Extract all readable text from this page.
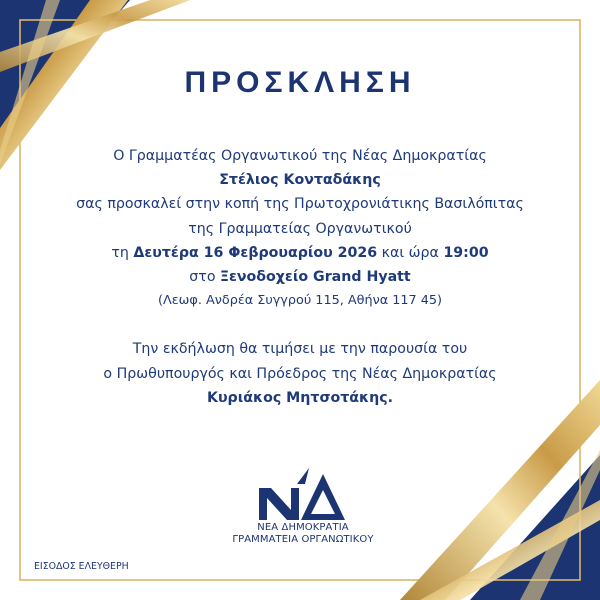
ΠΡΟΣΚΛΗΣΗ
Ο Γραμματέας Οργανωτικού της Νέας Δημοκρατίας
Στέλιος Κονταδάκης
σας προσκαλεί στην κοπή της Πρωτοχρονιάτικης Βασιλόπιτας
της Γραμματείας Οργανωτικού
τη Δευτέρα 16 Φεβρουαρίου 2026 και ώρα 19:00
στο Ξενοδοχείο Grand Hyatt
(Λεωφ. Ανδρέα Συγγρού 115, Αθήνα 117 45)
Την εκδήλωση θα τιμήσει με την παρουσία του
ο Πρωθυπουργός και Πρόεδρος της Νέας Δημοκρατίας
Κυριάκος Μητσοτάκης.
ΝΕΑ ΔΗΜΟΚΡΑΤΙΑ
ΓΡΑΜΜΑΤΕΙΑ ΟΡΓΑΝΩΤΙΚΟΥ
ΕΙΣΟΔΟΣ ΕΛΕΥΘΕΡΗ
